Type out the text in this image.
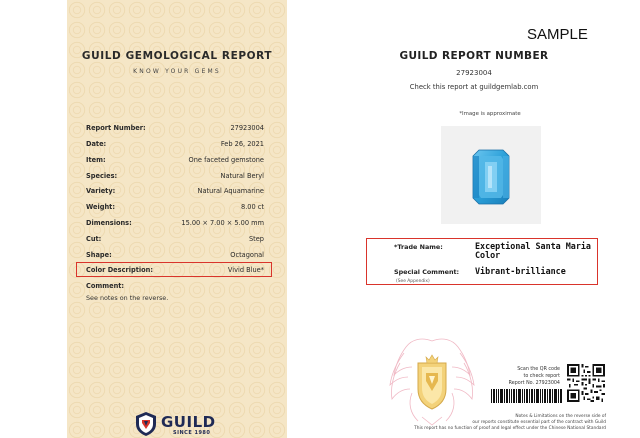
GUILD GEMOLOGICAL REPORT
KNOW YOUR GEMS
Report Number:	27923004
Date:	Feb 26, 2021
Item:	One faceted gemstone
Species:	Natural Beryl
Variety:	Natural Aquamarine
Weight:	8.00 ct
Dimensions:	15.00 × 7.00 × 5.00 mm
Cut:	Step
Shape:	Octagonal
Color Description:	Vivid Blue*
Comment:
See notes on the reverse.
GUILD
SINCE 1980
SAMPLE
GUILD REPORT NUMBER
27923004
Check this report at guildgemlab.com
*Image is approximate
*Trade Name:	Exceptional Santa Maria Color
Special Comment: Vibrant-brilliance
(See Appendix)
Scan the QR code
to check report

Report No. 27923004
Notes & Limitations on the reverse side of
our reports constitute essential part of the contract with Guild
This report has no function of proof and legal effect under the Chinese National Standard
